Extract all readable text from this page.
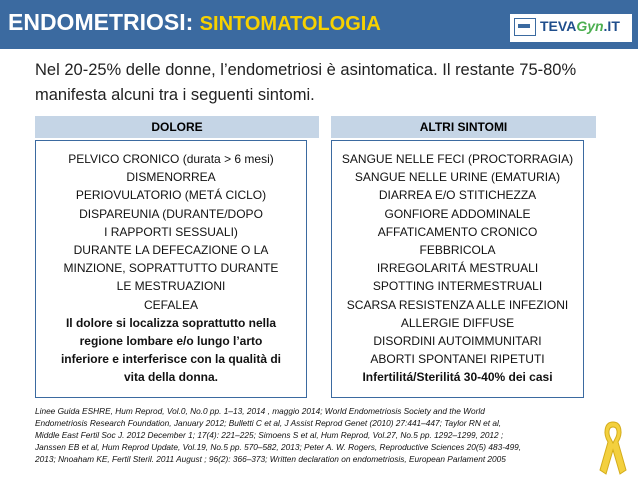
ENDOMETRIOSI: SINTOMATOLOGIA	TEVAGyn.IT
Nel 20-25% delle donne, l’endometriosi è asintomatica. Il restante 75-80% manifesta alcuni tra i seguenti sintomi.
DOLORE	ALTRI SINTOMI
PELVICO CRONICO (durata > 6 mesi)
DISMENORREA
PERIOVULATORIO (METÁ CICLO)
DISPAREUNIA (DURANTE/DOPO
I RAPPORTI SESSUALI)
DURANTE LA DEFECAZIONE O LA
MINZIONE, SOPRATTUTTO DURANTE
LE MESTRUAZIONI
CEFALEA
Il dolore si localizza soprattutto nella
regione lombare e/o lungo l’arto
inferiore e interferisce con la qualità di
vita della donna.
SANGUE NELLE FECI (PROCTORRAGIA)
SANGUE NELLE URINE (EMATURIA)
DIARREA E/O STITICHEZZA
GONFIORE ADDOMINALE
AFFATICAMENTO CRONICO
FEBBRICOLA
IRREGOLARITÁ MESTRUALI
SPOTTING INTERMESTRUALI
SCARSA RESISTENZA ALLE INFEZIONI
ALLERGIE DIFFUSE
DISORDINI AUTOIMMUNITARI
ABORTI SPONTANEI RIPETUTI
Infertilitá/Sterilitá 30-40% dei casi
Linee Guida ESHRE, Hum Reprod, Vol.0, No.0 pp. 1–13, 2014 , maggio 2014; World Endometriosis Society and the World
Endometriosis Research Foundation, January 2012; Bulletti C et al, J Assist Reprod Genet (2010) 27:441–447; Taylor RN et al,
Middle East Fertil Soc J. 2012 December 1; 17(4): 221–225; Simoens S et al, Hum Reprod, Vol.27, No.5 pp. 1292–1299, 2012 ;
Janssen EB et al, Hum Reprod Update, Vol.19, No.5 pp. 570–582, 2013; Peter A. W. Rogers, Reproductive Sciences 20(5) 483-499,
2013; Nnoaham KE, Fertil Steril. 2011 August ; 96(2): 366–373; Written declaration on endometriosis, European Parlament 2005
